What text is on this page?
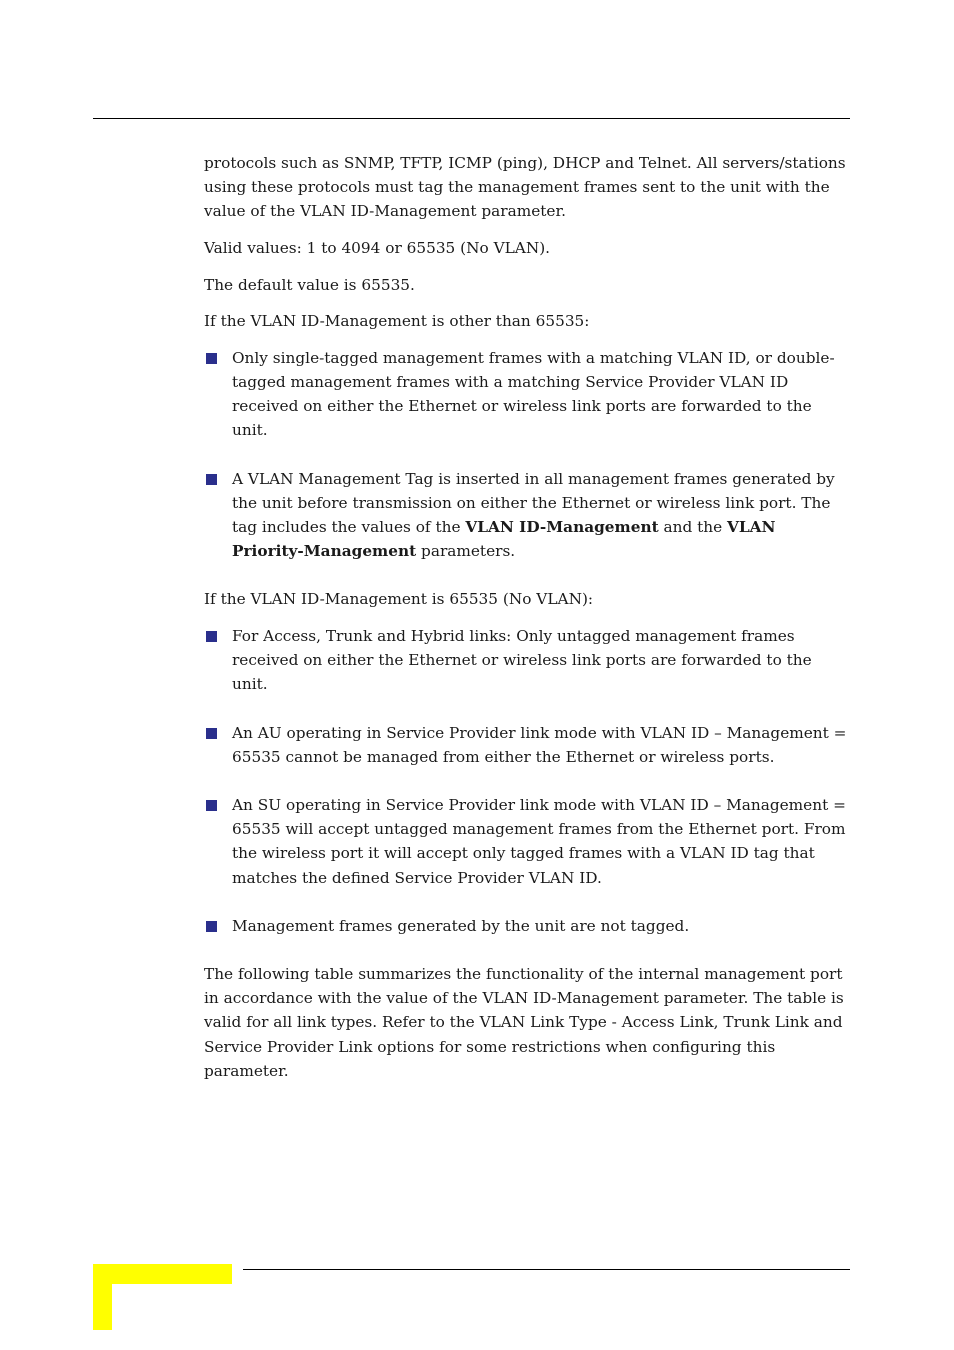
protocols such as SNMP, TFTP, ICMP (ping), DHCP and Telnet. All servers/stations using these protocols must tag the management frames sent to the unit with the value of the VLAN ID-Management parameter.

Valid values: 1 to 4094 or 65535 (No VLAN).

The default value is 65535.

If the VLAN ID-Management is other than 65535:

Only single-tagged management frames with a matching VLAN ID, or double-tagged management frames with a matching Service Provider VLAN ID received on either the Ethernet or wireless link ports are forwarded to the unit.
A VLAN Management Tag is inserted in all management frames generated by the unit before transmission on either the Ethernet or wireless link port. The tag includes the values of the VLAN ID-Management and the VLAN Priority-Management parameters.

If the VLAN ID-Management is 65535 (No VLAN):

For Access, Trunk and Hybrid links: Only untagged management frames received on either the Ethernet or wireless link ports are forwarded to the unit.
An AU operating in Service Provider link mode with VLAN ID – Management = 65535 cannot be managed from either the Ethernet or wireless ports.
An SU operating in Service Provider link mode with VLAN ID – Management = 65535 will accept untagged management frames from the Ethernet port. From the wireless port it will accept only tagged frames with a VLAN ID tag that matches the defined Service Provider VLAN ID.
Management frames generated by the unit are not tagged.

The following table summarizes the functionality of the internal management port in accordance with the value of the VLAN ID-Management parameter. The table is valid for all link types. Refer to the VLAN Link Type - Access Link, Trunk Link and Service Provider Link options for some restrictions when configuring this parameter.
